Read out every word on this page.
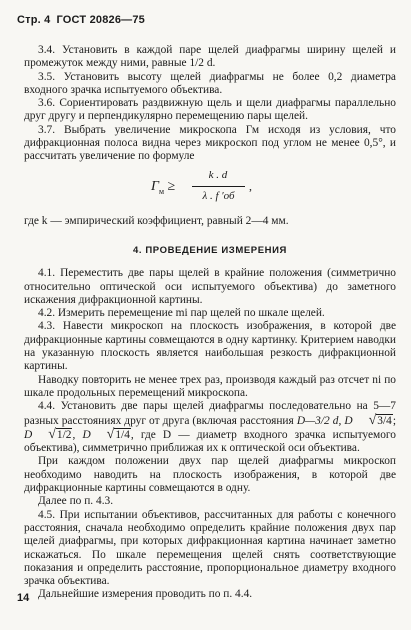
Стр. 4 ГОСТ 20826—75

3.4. Установить в каждой паре щелей диафрагмы ширину щелей и промежуток между ними, равные 1/2 d.

3.5. Установить высоту щелей диафрагмы не более 0,2 диаметра входного зрачка испытуемого объектива.

3.6. Сориентировать раздвижную щель и щели диафрагмы параллельно друг другу и перпендикулярно перемещению пары щелей.

3.7. Выбрать увеличение микроскопа Гм исходя из условия, что дифракционная полоса видна через микроскоп под углом не менее 0,5°, и рассчитать увеличение по формуле

$Г_м$ ≥
k . d
λ . f ′об
,

где k — эмпирический коэффициент, равный 2—4 мм.

4. ПРОВЕДЕНИЕ ИЗМЕРЕНИЯ

4.1. Переместить две пары щелей в крайние положения (симметрично относительно оптической оси испытуемого объектива) до заметного искажения дифракционной картины.

4.2. Измерить перемещение mi пар щелей по шкале щелей.

4.3. Навести микроскоп на плоскость изображения, в которой две дифракционные картины совмещаются в одну картинку. Критерием наводки на указанную плоскость является наибольшая резкость дифракционной картины.

Наводку повторить не менее трех раз, производя каждый раз отсчет ni по шкале продольных перемещений микроскопа.

4.4. Установить две пары щелей диафрагмы последовательно на 5—7 разных расстояниях друг от друга (включая расстояния D—3/2 d, D √3/4; D √1/2, D √1/4, где D — диаметр входного зрачка испытуемого объектива), симметрично приближая их к оптической оси объектива.

При каждом положении двух пар щелей диафрагмы микроскоп необходимо наводить на плоскость изображения, в которой две дифракционные картины совмещаются в одну.

Далее по п. 4.3.

4.5. При испытании объективов, рассчитанных для работы с конечного расстояния, сначала необходимо определить крайние положения двух пар щелей диафрагмы, при которых дифракционная картина начинает заметно искажаться. По шкале перемещения щелей снять соответствующие показания и определить расстояние, пропорциональное диаметру входного зрачка объектива.

Дальнейшие измерения проводить по п. 4.4.

14
